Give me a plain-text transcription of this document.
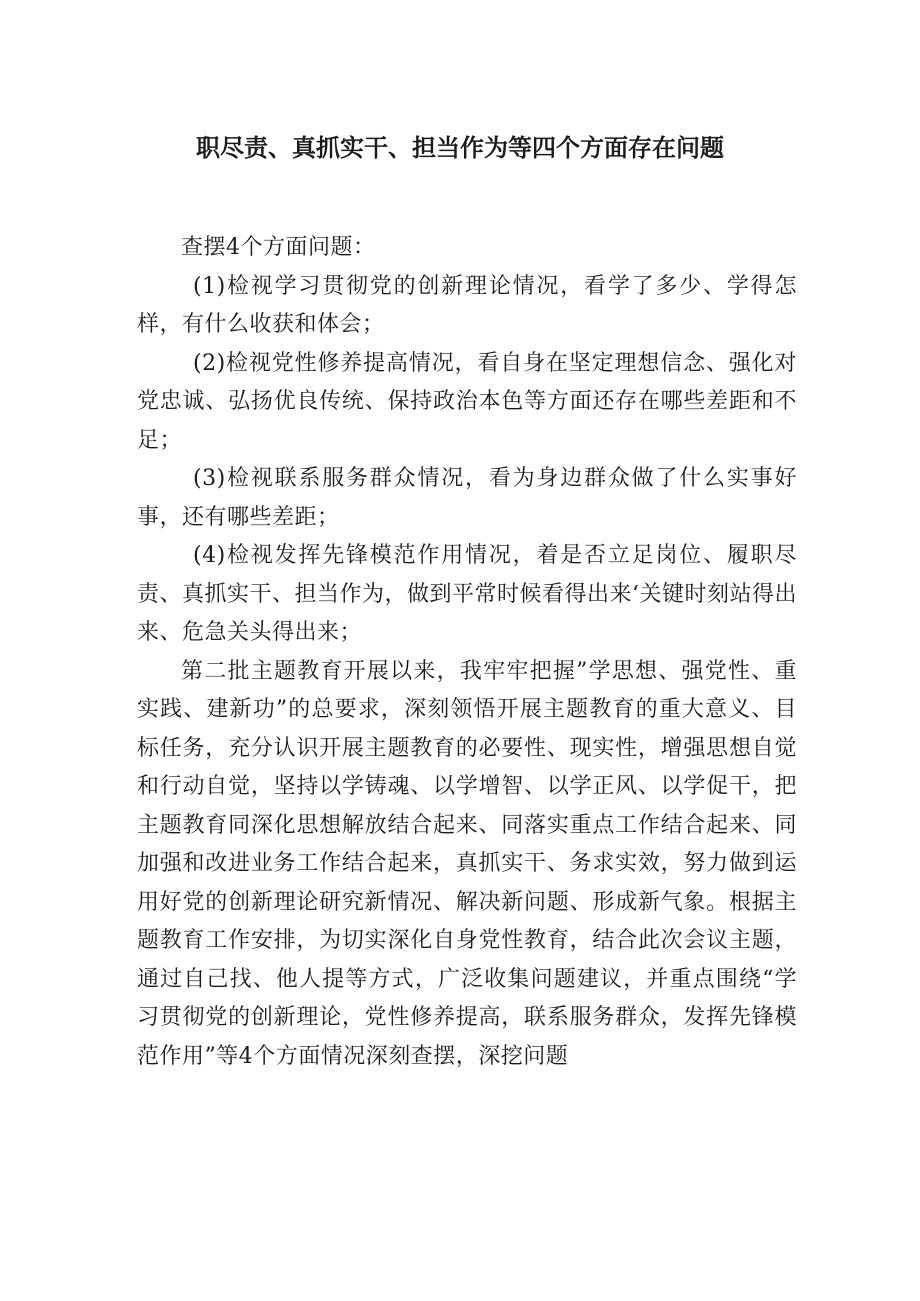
职尽责、真抓实干、担当作为等四个方面存在问题

查摆4个方面问题：

(1)检视学习贯彻党的创新理论情况，看学了多少、学得怎样，有什么收获和体会；

(2)检视党性修养提高情况，看自身在坚定理想信念、强化对党忠诚、弘扬优良传统、保持政治本色等方面还存在哪些差距和不足；

(3)检视联系服务群众情况，看为身边群众做了什么实事好事，还有哪些差距；

(4)检视发挥先锋模范作用情况，着是否立足岗位、履职尽责、真抓实干、担当作为，做到平常时候看得出来‘关键时刻站得出来、危急关头得出来；

第二批主题教育开展以来，我牢牢把握”学思想、强党性、重实践、建新功”的总要求，深刻领悟开展主题教育的重大意义、目标任务，充分认识开展主题教育的必要性、现实性，增强思想自觉和行动自觉，坚持以学铸魂、以学增智、以学正风、以学促干，把主题教育同深化思想解放结合起来、同落实重点工作结合起来、同加强和改进业务工作结合起来，真抓实干、务求实效，努力做到运用好党的创新理论研究新情况、解决新问题、形成新气象。根据主题教育工作安排，为切实深化自身党性教育，结合此次会议主题，通过自己找、他人提等方式，广泛收集问题建议，并重点围绕“学习贯彻党的创新理论，党性修养提高，联系服务群众，发挥先锋模范作用”等4个方面情况深刻查摆，深挖问题
